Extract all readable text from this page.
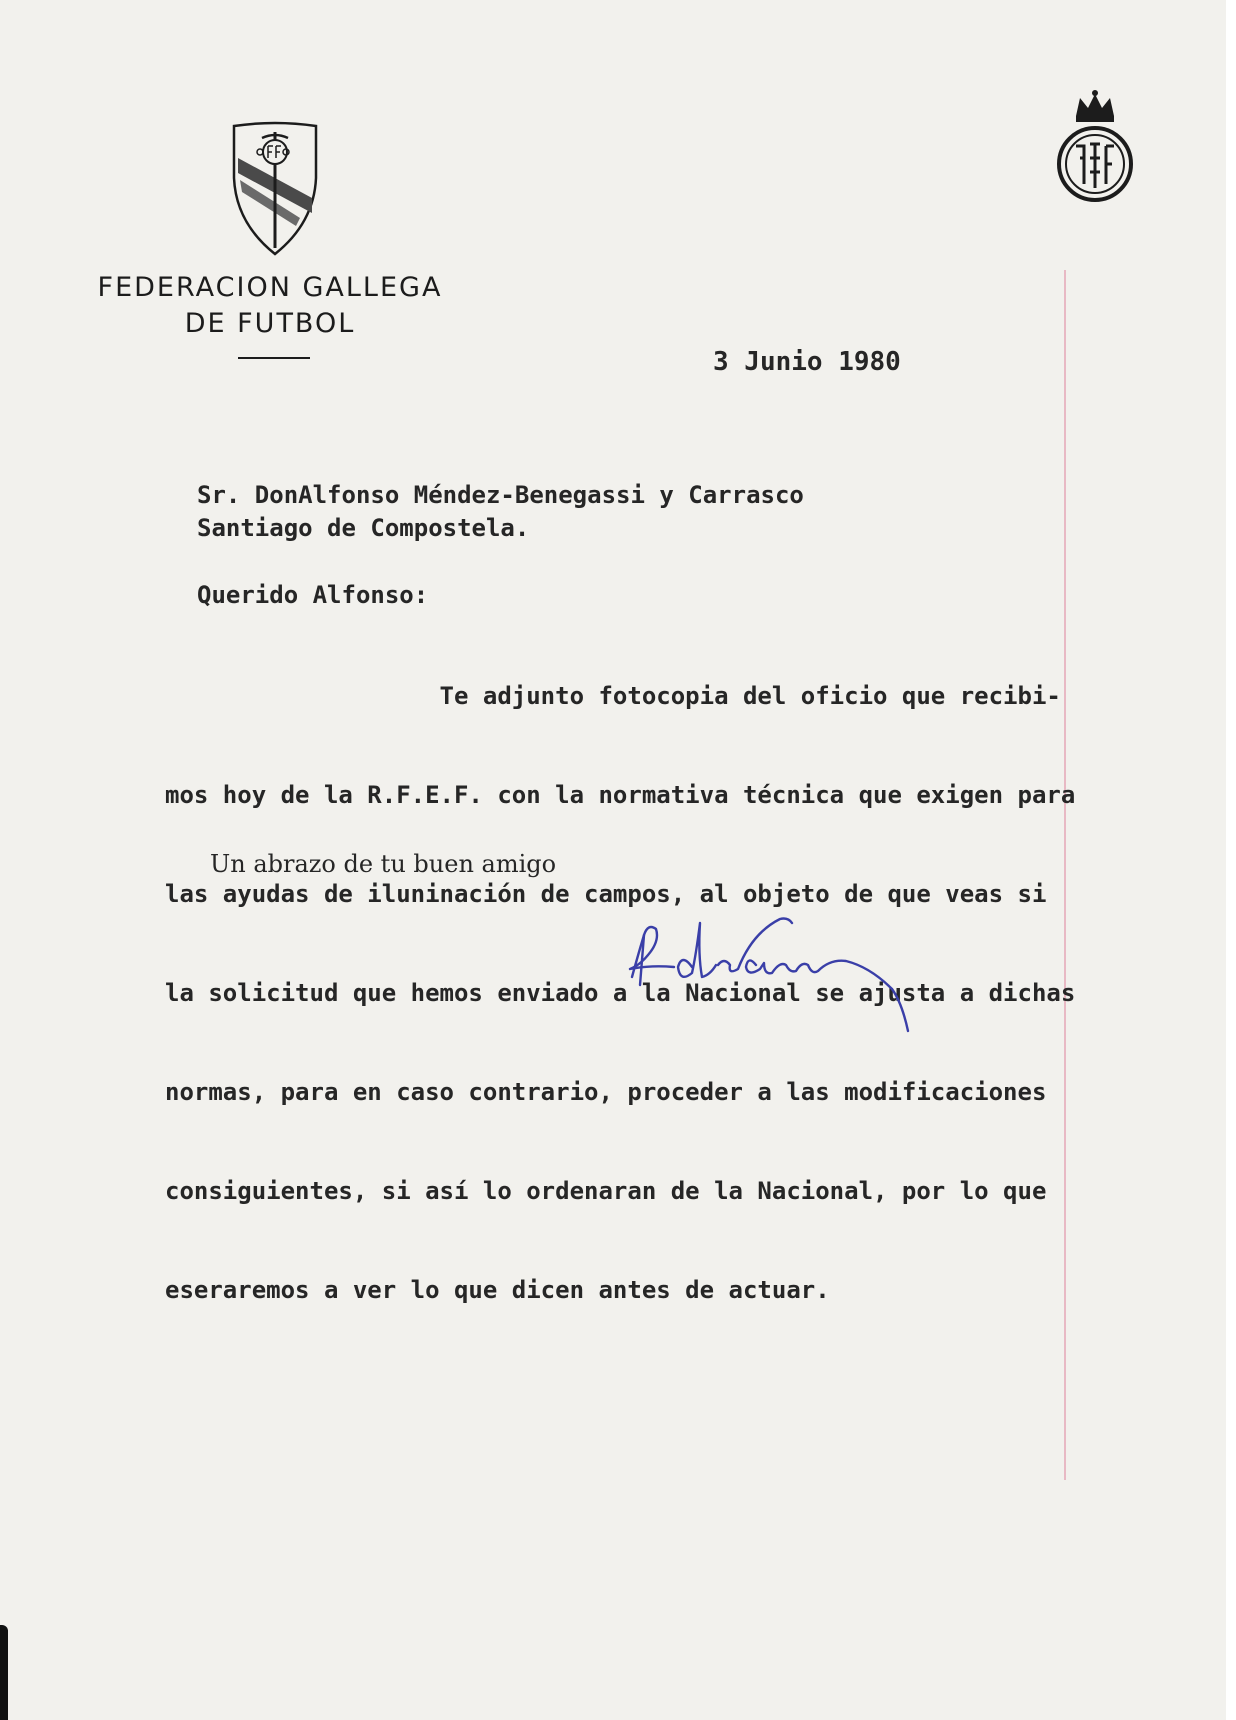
FEDERACION GALLEGA
DE FUTBOL
3 Junio 1980
Sr. DonAlfonso Méndez-Benegassi y Carrasco
Santiago de Compostela.
Querido Alfonso:

Te adjunto fotocopia del oficio que recibi-

mos hoy de la R.F.E.F. con la normativa técnica que exigen para

las ayudas de iluninación de campos, al objeto de que veas si

la solicitud que hemos enviado a la Nacional se ajusta a dichas

normas, para en caso contrario, proceder a las modificaciones

consiguientes, si así lo ordenaran de la Nacional, por lo que

eseraremos a ver lo que dicen antes de actuar.

Un abrazo de tu buen amigo
